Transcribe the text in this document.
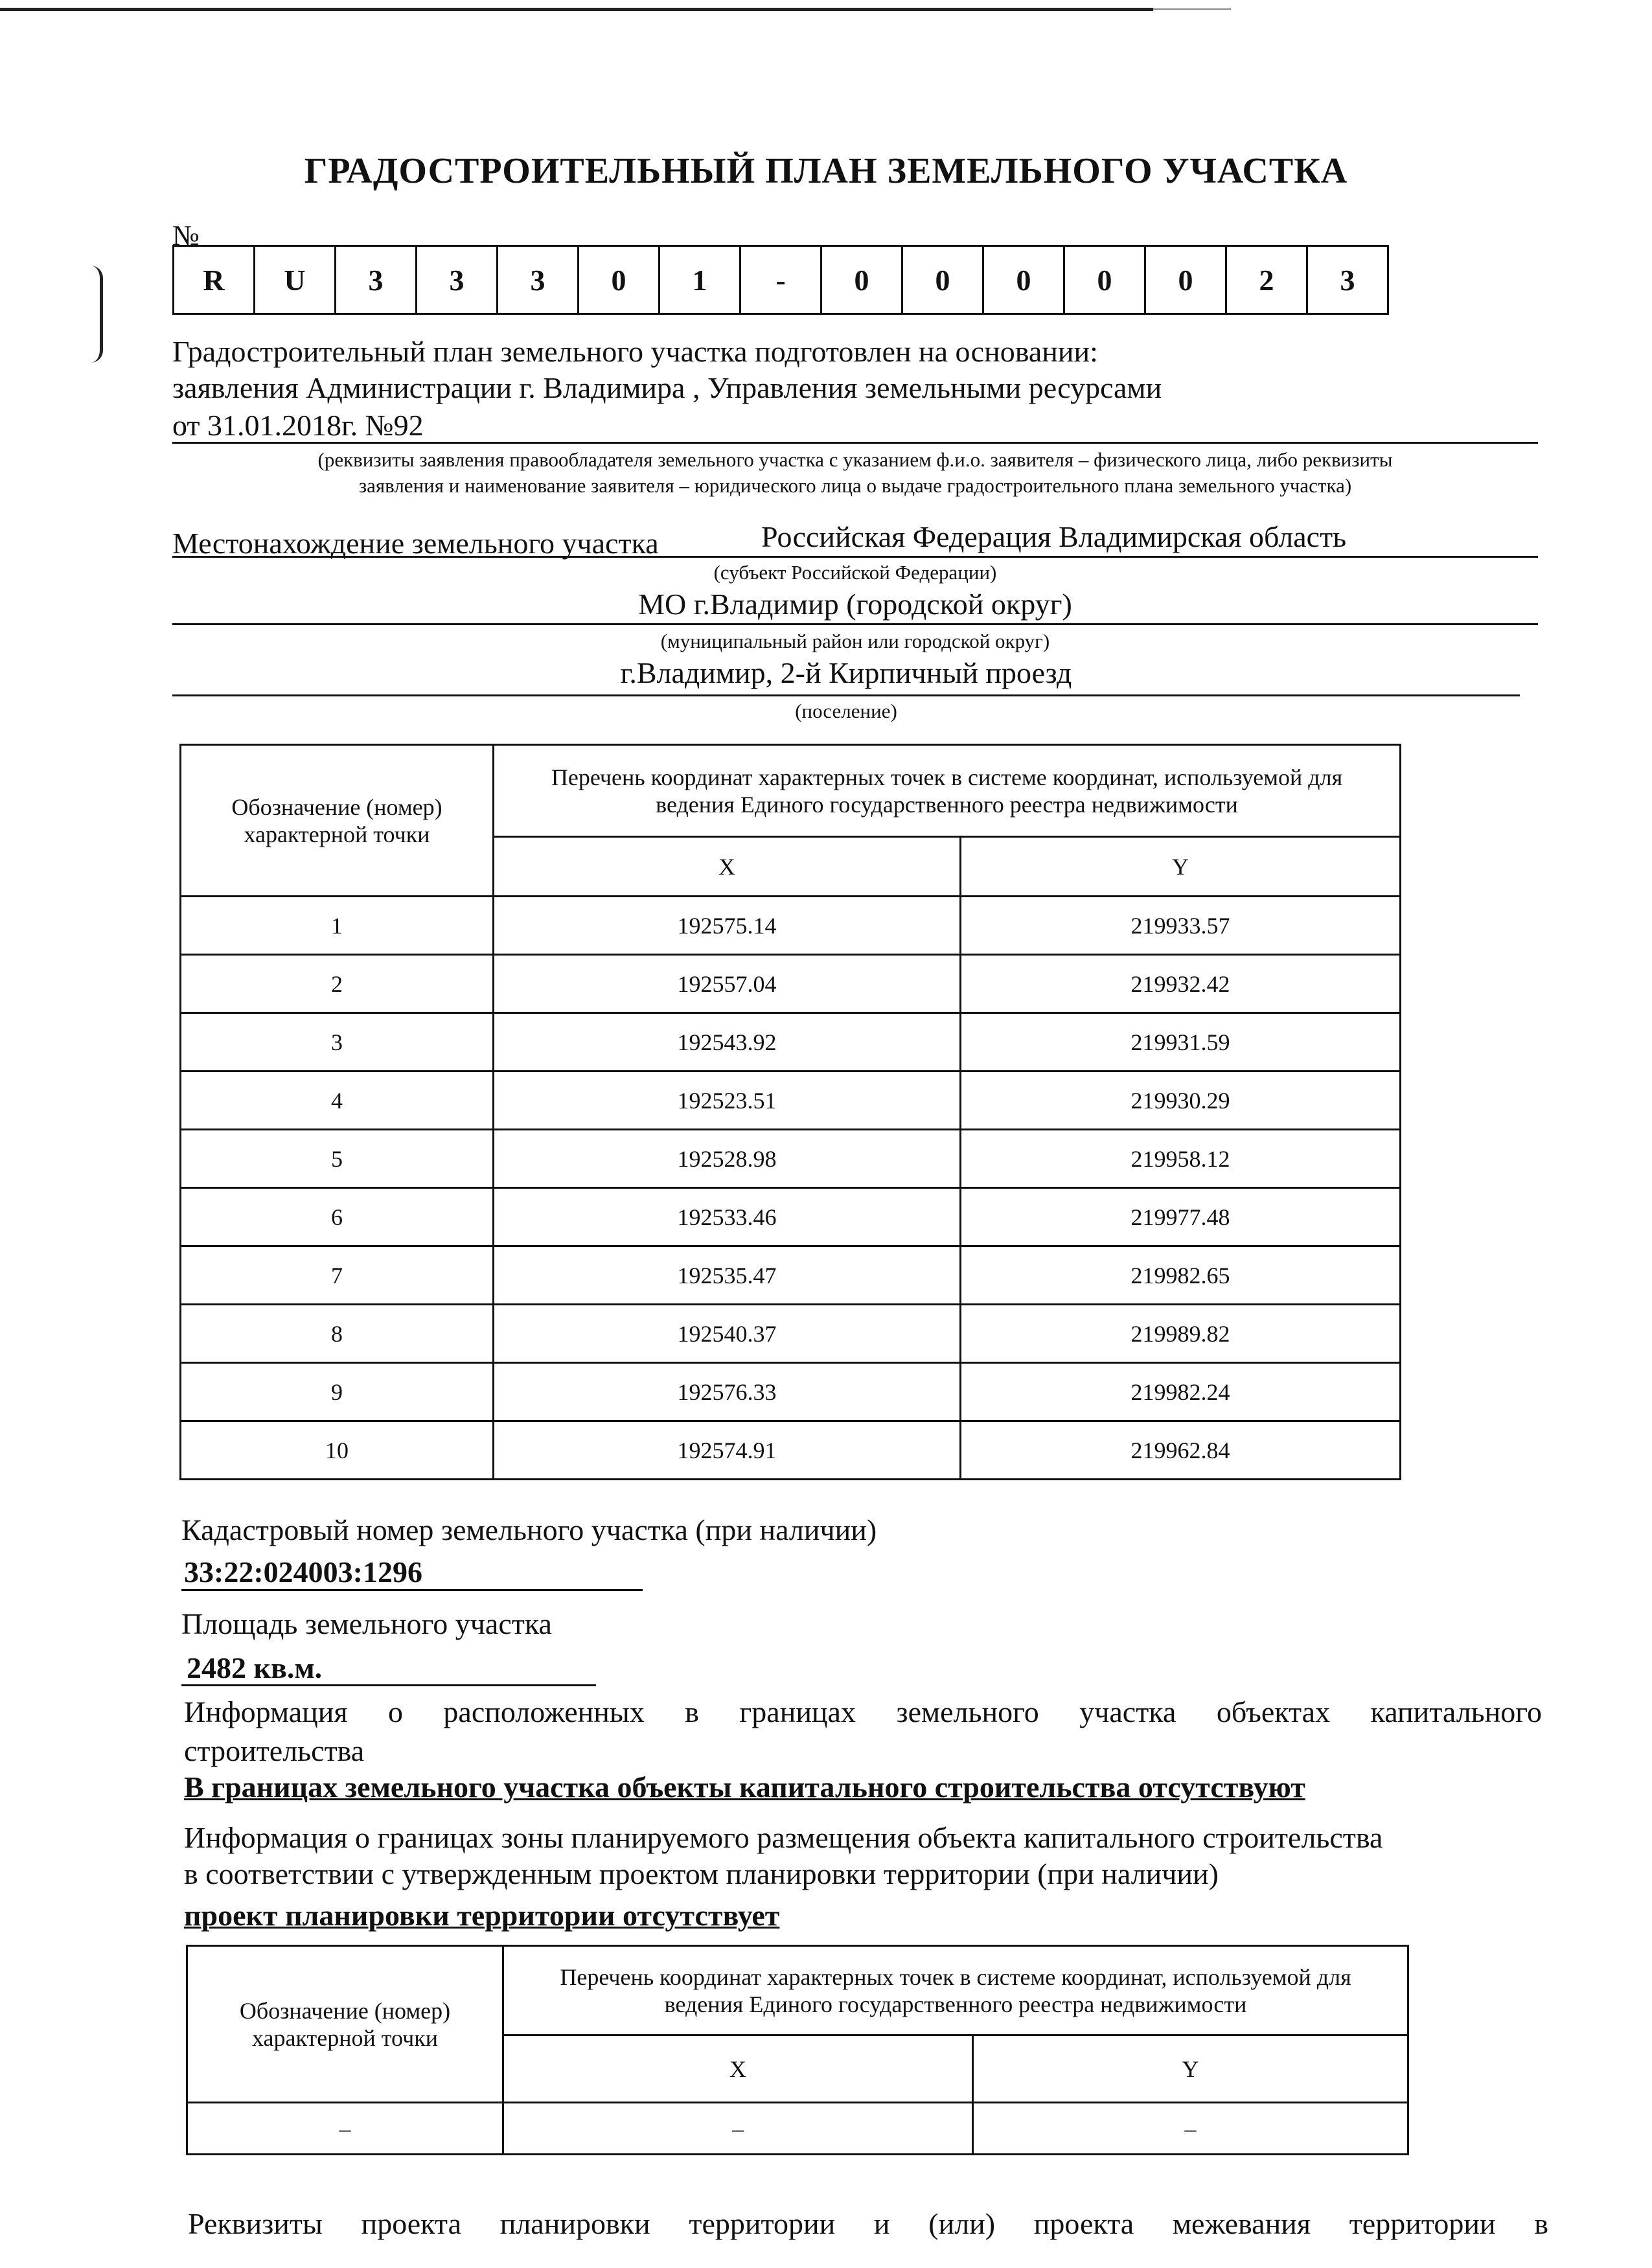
ГРАДОСТРОИТЕЛЬНЫЙ ПЛАН ЗЕМЕЛЬНОГО УЧАСТКА
№
R	U	3	3	3	0	1	-	0	0	0	0	0	2	3
Градостроительный план земельного участка подготовлен на основании:
заявления Администрации г. Владимира , Управления земельными ресурсами
от 31.01.2018г. №92
(реквизиты заявления правообладателя земельного участка с указанием ф.и.о. заявителя – физического лица, либо реквизиты
заявления и наименование заявителя – юридического лица о выдаче градостроительного плана земельного участка)
Местонахождение земельного участка	Российская Федерация Владимирская область
(субъект Российской Федерации)
МО г.Владимир (городской округ)
(муниципальный район или городской округ)
г.Владимир, 2-й Кирпичный проезд
(поселение)
Обозначение (номер) характерной точки	Перечень координат характерных точек в системе координат, используемой для ведения Единого государственного реестра недвижимости	
	X	Y
1	192575.14	219933.57
2	192557.04	219932.42
3	192543.92	219931.59
4	192523.51	219930.29
5	192528.98	219958.12
6	192533.46	219977.48
7	192535.47	219982.65
8	192540.37	219989.82
9	192576.33	219982.24
10	192574.91	219962.84
Кадастровый номер земельного участка (при наличии)
33:22:024003:1296
Площадь земельного участка
2482 кв.м.
Информация о расположенных в границах земельного участка объектах капитального
строительства
В границах земельного участка объекты капитального строительства отсутствуют
Информация о границах зоны планируемого размещения объекта капитального строительства
в соответствии с утвержденным проектом планировки территории (при наличии)
проект планировки территории отсутствует
Обозначение (номер) характерной точки	Перечень координат характерных точек в системе координат, используемой для ведения Единого государственного реестра недвижимости	
	X	Y
–	–	–
Реквизиты проекта планировки территории и (или) проекта межевания территории в
